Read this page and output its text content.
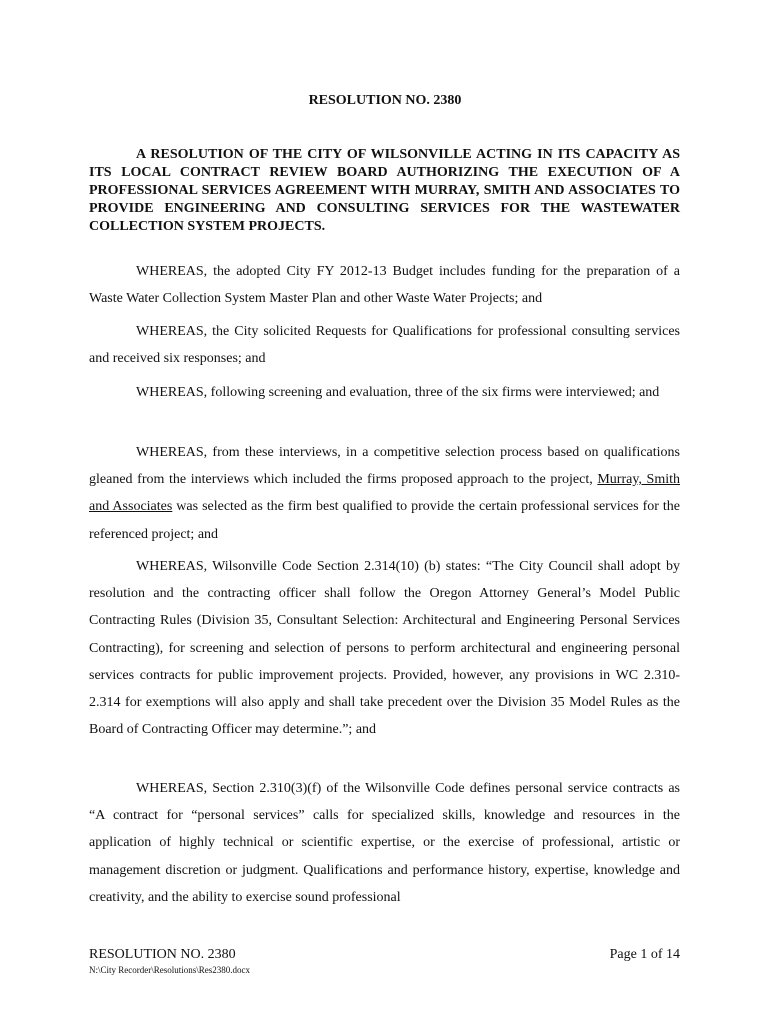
RESOLUTION NO. 2380
A RESOLUTION OF THE CITY OF WILSONVILLE ACTING IN ITS CAPACITY AS ITS LOCAL CONTRACT REVIEW BOARD AUTHORIZING THE EXECUTION OF A PROFESSIONAL SERVICES AGREEMENT WITH MURRAY, SMITH AND ASSOCIATES TO PROVIDE ENGINEERING AND CONSULTING SERVICES FOR THE WASTEWATER COLLECTION SYSTEM PROJECTS.

WHEREAS, the adopted City FY 2012-13 Budget includes funding for the preparation of a Waste Water Collection System Master Plan and other Waste Water Projects; and

WHEREAS, the City solicited Requests for Qualifications for professional consulting services and received six responses; and

WHEREAS, following screening and evaluation, three of the six firms were interviewed; and

WHEREAS, from these interviews, in a competitive selection process based on qualifications gleaned from the interviews which included the firms proposed approach to the project, Murray, Smith and Associates was selected as the firm best qualified to provide the certain professional services for the referenced project; and

WHEREAS, Wilsonville Code Section 2.314(10) (b) states: “The City Council shall adopt by resolution and the contracting officer shall follow the Oregon Attorney General’s Model Public Contracting Rules (Division 35, Consultant Selection: Architectural and Engineering Personal Services Contracting), for screening and selection of persons to perform architectural and engineering personal services contracts for public improvement projects. Provided, however, any provisions in WC 2.310-2.314 for exemptions will also apply and shall take precedent over the Division 35 Model Rules as the Board of Contracting Officer may determine.”; and

WHEREAS, Section 2.310(3)(f) of the Wilsonville Code defines personal service contracts as “A contract for “personal services” calls for specialized skills, knowledge and resources in the application of highly technical or scientific expertise, or the exercise of professional, artistic or management discretion or judgment. Qualifications and performance history, expertise, knowledge and creativity, and the ability to exercise sound professional

RESOLUTION NO. 2380	Page 1 of 14
N:\City Recorder\Resolutions\Res2380.docx
